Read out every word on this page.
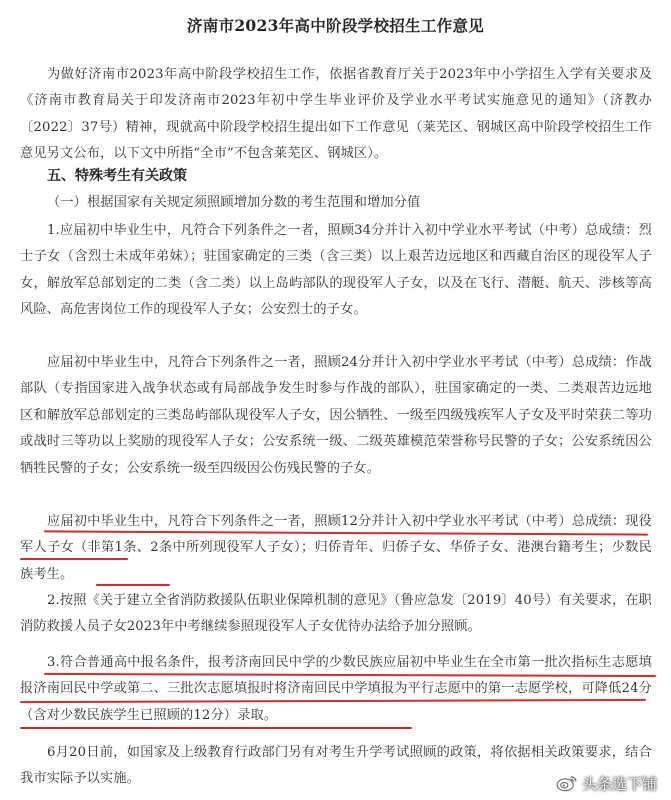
济南市2023年高中阶段学校招生工作意见
为做好济南市2023年高中阶段学校招生工作，依据省教育厅关于2023年中小学招生入学有关要求及《济南市教育局关于印发济南市2023年初中学生毕业评价及学业水平考试实施意见的通知》（济教办〔2022〕37号）精神，现就高中阶段学校招生提出如下工作意见（莱芜区、钢城区高中阶段学校招生工作意见另文公布，以下文中所指“全市”不包含莱芜区、钢城区）。
五、特殊考生有关政策
（一）根据国家有关规定须照顾增加分数的考生范围和增加分值
1.应届初中毕业生中，凡符合下列条件之一者，照顾34分并计入初中学业水平考试（中考）总成绩：烈士子女（含烈士未成年弟妹）；驻国家确定的三类（含三类）以上艰苦边远地区和西藏自治区的现役军人子女，解放军总部划定的二类（含二类）以上岛屿部队的现役军人子女，以及在飞行、潜艇、航天、涉核等高风险、高危害岗位工作的现役军人子女；公安烈士的子女。
应届初中毕业生中，凡符合下列条件之一者，照顾24分并计入初中学业水平考试（中考）总成绩：作战部队（专指国家进入战争状态或有局部战争发生时参与作战的部队），驻国家确定的一类、二类艰苦边远地区和解放军总部划定的三类岛屿部队现役军人子女，因公牺牲、一级至四级残疾军人子女及平时荣获二等功或战时三等功以上奖励的现役军人子女；公安系统一级、二级英雄模范荣誉称号民警的子女；公安系统因公牺牲民警的子女；公安系统一级至四级因公伤残民警的子女。
应届初中毕业生中，凡符合下列条件之一者，照顾12分并计入初中学业水平考试（中考）总成绩：现役军人子女（非第1条、2条中所列现役军人子女）；归侨青年、归侨子女、华侨子女、港澳台籍考生；少数民族考生。
2.按照《关于建立全省消防救援队伍职业保障机制的意见》（鲁应急发〔2019〕40号）有关要求，在职消防救援人员子女2023年中考继续参照现役军人子女优待办法给予加分照顾。
3.符合普通高中报名条件，报考济南回民中学的少数民族应届初中毕业生在全市第一批次指标生志愿填报济南回民中学或第二、三批次志愿填报时将济南回民中学填报为平行志愿中的第一志愿学校，可降低24分（含对少数民族学生已照顾的12分）录取。
6月20日前，如国家及上级教育行政部门另有对考生升学考试照顾的政策，将依据相关政策要求，结合我市实际予以实施。	头条选下铺
